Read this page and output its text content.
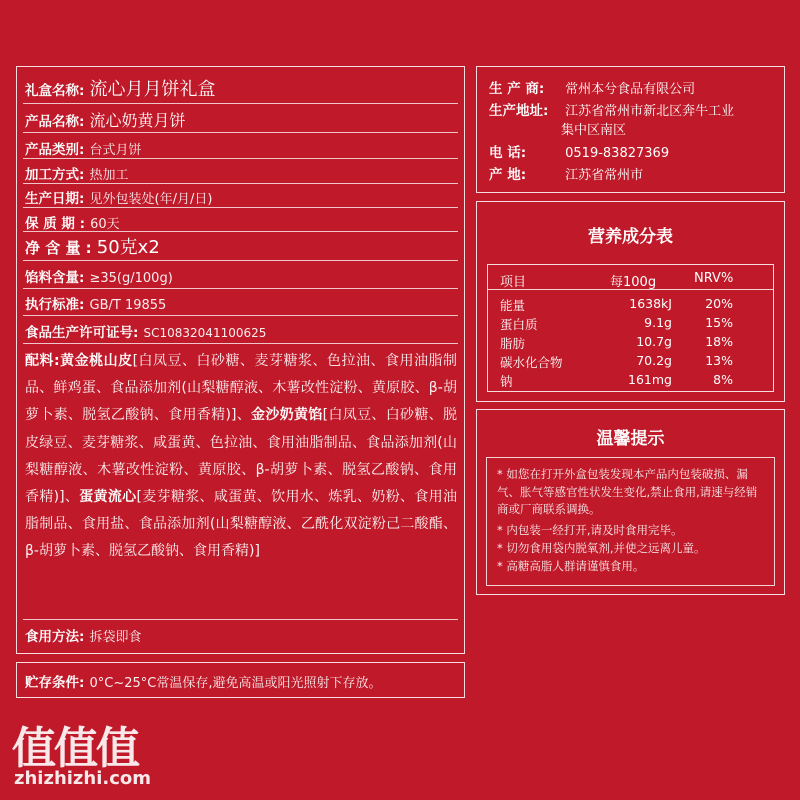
礼盒名称: 流心月月饼礼盒
产品名称: 流心奶黄月饼
产品类别: 台式月饼
加工方式: 热加工
生产日期: 见外包装处(年/月/日)
保 质 期 : 60天
净 含 量 : 50克x2
馅料含量: ≥35(g/100g)
执行标准: GB/T 19855
食品生产许可证号: SC10832041100625
配料:黄金桃山皮[白凤豆、白砂糖、麦芽糖浆、色拉油、食用油脂制品、鲜鸡蛋、食品添加剂(山梨糖醇液、木薯改性淀粉、黄原胶、β-胡萝卜素、脱氢乙酸钠、食用香精)]、金沙奶黄馅[白凤豆、白砂糖、脱皮绿豆、麦芽糖浆、咸蛋黄、色拉油、食用油脂制品、食品添加剂(山梨糖醇液、木薯改性淀粉、黄原胶、β-胡萝卜素、脱氢乙酸钠、食用香精)]、蛋黄流心[麦芽糖浆、咸蛋黄、饮用水、炼乳、奶粉、食用油脂制品、食用盐、食品添加剂(山梨糖醇液、乙酰化双淀粉己二酸酯、β-胡萝卜素、脱氢乙酸钠、食用香精)]
食用方法: 拆袋即食
贮存条件: 0°C~25°C常温保存,避免高温或阳光照射下存放。
生 产 商: 常州本兮食品有限公司
生产地址: 江苏省常州市新北区奔牛工业
集中区南区
电 话:	0519-83827369
产 地:	江苏省常州市
营养成分表
项目	每100g	NRV%
能量	1638kJ	20%
蛋白质	9.1g	15%
脂肪	10.7g	18%
碳水化合物	70.2g	13%
钠	161mg	8%
温馨提示
* 如您在打开外盒包装发现本产品内包装破损、漏气、胀气等感官性状发生变化,禁止食用,请速与经销商或厂商联系调换。
* 内包装一经打开,请及时食用完毕。
* 切勿食用袋内脱氧剂,并使之远离儿童。
* 高糖高脂人群请谨慎食用。
值值值
zhizhizhi.com
